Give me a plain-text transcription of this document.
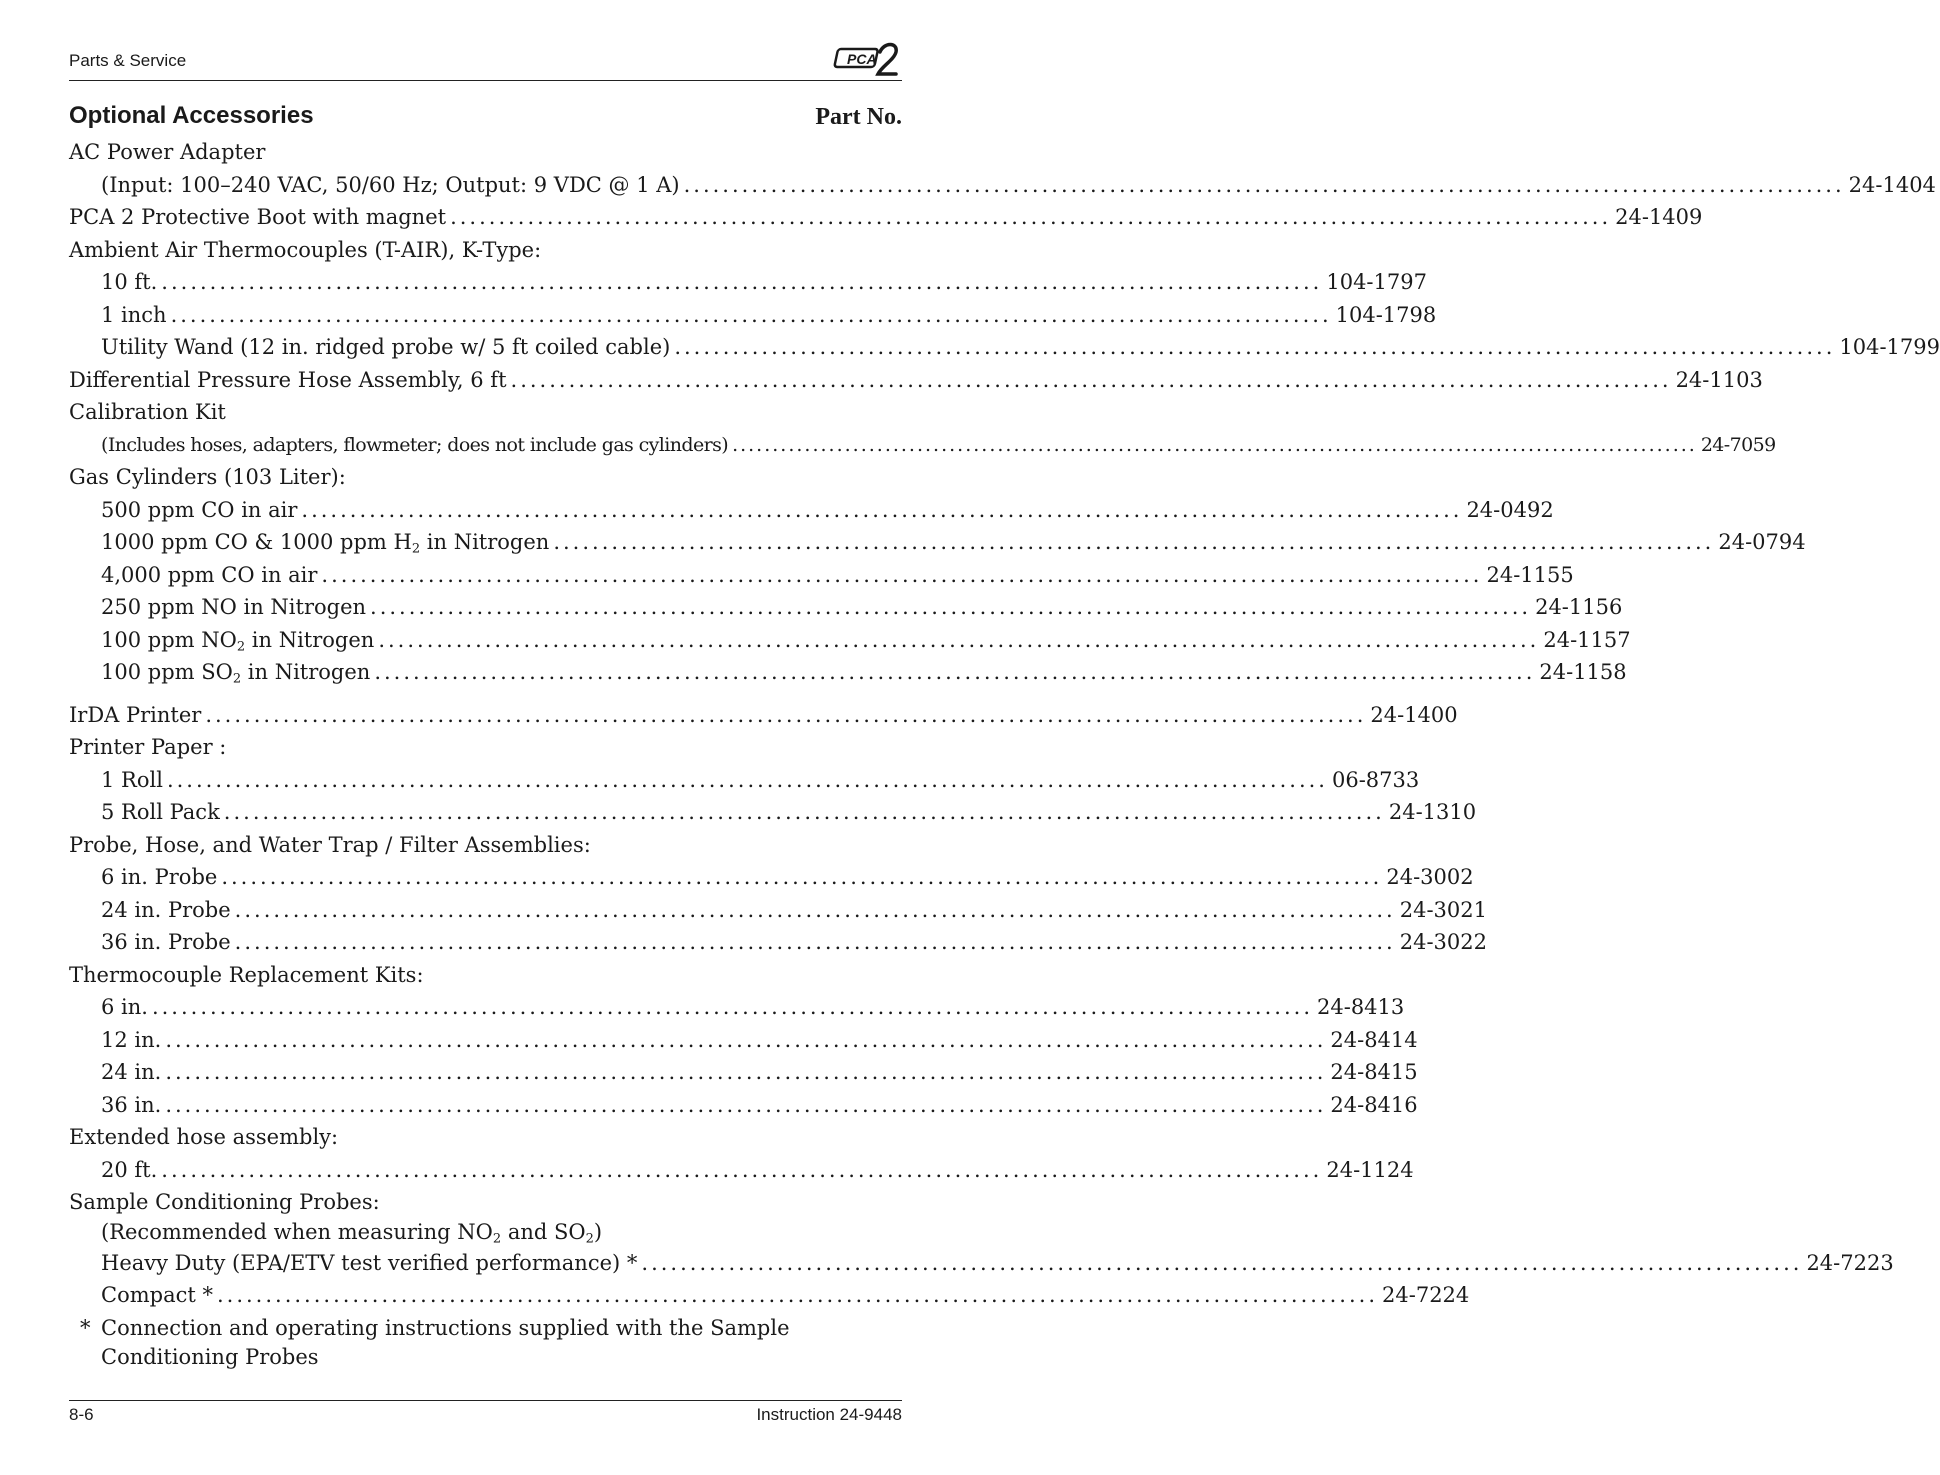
Parts & Service	PCA
Optional Accessories	Part No.
AC Power Adapter
(Input: 100–240 VAC, 50/60 Hz; Output: 9 VDC @ 1 A) ........................................................................................................................ 24-1404
PCA 2 Protective Boot with magnet ........................................................................................................................ 24-1409
Ambient Air Thermocouples (T-AIR), K-Type:
10 ft. ........................................................................................................................ 104-1797
1 inch ........................................................................................................................ 104-1798
Utility Wand (12 in. ridged probe w/ 5 ft coiled cable) ........................................................................................................................ 104-1799
Differential Pressure Hose Assembly, 6 ft ........................................................................................................................ 24-1103
Calibration Kit
(Includes hoses, adapters, flowmeter; does not include gas cylinders) ........................................................................................................................ 24-7059
Gas Cylinders (103 Liter):
500 ppm CO in air ........................................................................................................................ 24-0492
1000 ppm CO & 1000 ppm $H_2$ in Nitrogen ........................................................................................................................ 24-0794
4,000 ppm CO in air ........................................................................................................................ 24-1155
250 ppm NO in Nitrogen ........................................................................................................................ 24-1156
100 ppm $NO_2$ in Nitrogen ........................................................................................................................ 24-1157
100 ppm $SO_2$ in Nitrogen ........................................................................................................................ 24-1158
IrDA Printer ........................................................................................................................ 24-1400
Printer Paper :
1 Roll ........................................................................................................................ 06-8733
5 Roll Pack ........................................................................................................................ 24-1310
Probe, Hose, and Water Trap / Filter Assemblies:
6 in. Probe ........................................................................................................................ 24-3002
24 in. Probe ........................................................................................................................ 24-3021
36 in. Probe ........................................................................................................................ 24-3022
Thermocouple Replacement Kits:
6 in. ........................................................................................................................ 24-8413
12 in. ........................................................................................................................ 24-8414
24 in. ........................................................................................................................ 24-8415
36 in. ........................................................................................................................ 24-8416
Extended hose assembly:
20 ft. ........................................................................................................................ 24-1124
Sample Conditioning Probes:
(Recommended when measuring $NO_2$ and $SO_2$)
Heavy Duty (EPA/ETV test verified performance) * ........................................................................................................................ 24-7223
Compact * ........................................................................................................................ 24-7224
* Connection and operating instructions supplied with the Sample Conditioning Probes
8-6	Instruction 24-9448
